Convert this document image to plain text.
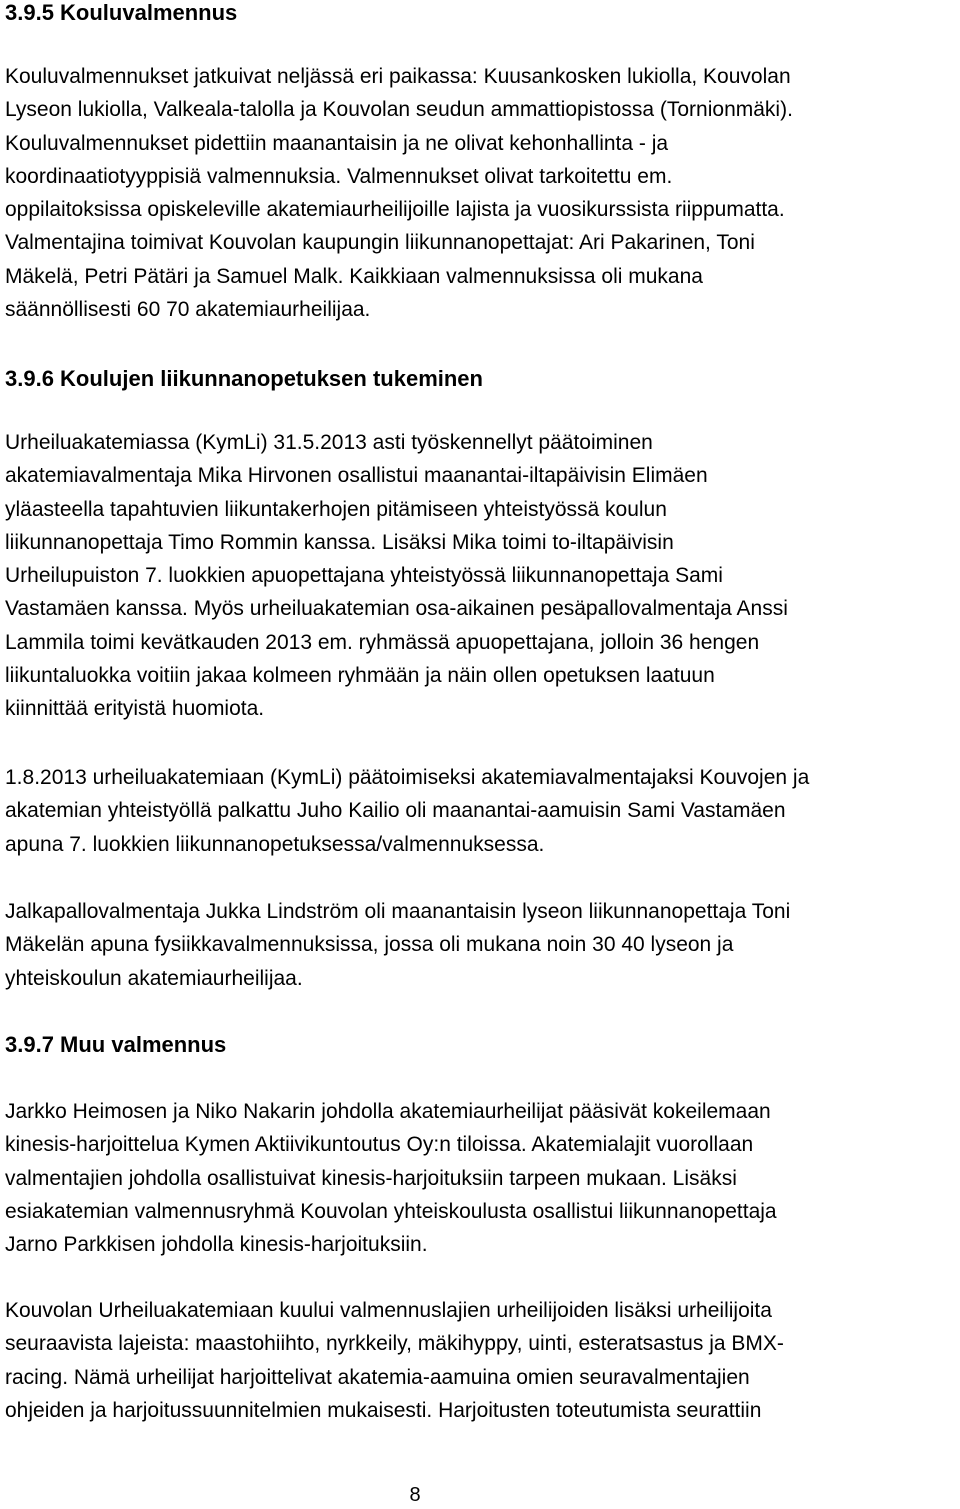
3.9.5 Kouluvalmennus

Kouluvalmennukset jatkuivat neljässä eri paikassa: Kuusankosken lukiolla, Kouvolan
Lyseon lukiolla, Valkeala-talolla ja Kouvolan seudun ammattiopistossa (Tornionmäki).
Kouluvalmennukset pidettiin maanantaisin ja ne olivat kehonhallinta - ja
koordinaatiotyyppisiä valmennuksia. Valmennukset olivat tarkoitettu em.
oppilaitoksissa opiskeleville akatemiaurheilijoille lajista ja vuosikurssista riippumatta.
Valmentajina toimivat Kouvolan kaupungin liikunnanopettajat: Ari Pakarinen, Toni
Mäkelä, Petri Pätäri ja Samuel Malk. Kaikkiaan valmennuksissa oli mukana
säännöllisesti 60 70 akatemiaurheilijaa.

3.9.6 Koulujen liikunnanopetuksen tukeminen

Urheiluakatemiassa (KymLi) 31.5.2013 asti työskennellyt päätoiminen
akatemiavalmentaja Mika Hirvonen osallistui maanantai-iltapäivisin Elimäen
yläasteella tapahtuvien liikuntakerhojen pitämiseen yhteistyössä koulun
liikunnanopettaja Timo Rommin kanssa. Lisäksi Mika toimi to-iltapäivisin
Urheilupuiston 7. luokkien apuopettajana yhteistyössä liikunnanopettaja Sami
Vastamäen kanssa. Myös urheiluakatemian osa-aikainen pesäpallovalmentaja Anssi
Lammila toimi kevätkauden 2013 em. ryhmässä apuopettajana, jolloin 36 hengen
liikuntaluokka voitiin jakaa kolmeen ryhmään ja näin ollen opetuksen laatuun
kiinnittää erityistä huomiota.

1.8.2013 urheiluakatemiaan (KymLi) päätoimiseksi akatemiavalmentajaksi Kouvojen ja
akatemian yhteistyöllä palkattu Juho Kailio oli maanantai-aamuisin Sami Vastamäen
apuna 7. luokkien liikunnanopetuksessa/valmennuksessa.

Jalkapallovalmentaja Jukka Lindström oli maanantaisin lyseon liikunnanopettaja Toni
Mäkelän apuna fysiikkavalmennuksissa, jossa oli mukana noin 30 40 lyseon ja
yhteiskoulun akatemiaurheilijaa.

3.9.7 Muu valmennus

Jarkko Heimosen ja Niko Nakarin johdolla akatemiaurheilijat pääsivät kokeilemaan
kinesis-harjoittelua Kymen Aktiivikuntoutus Oy:n tiloissa. Akatemialajit vuorollaan
valmentajien johdolla osallistuivat kinesis-harjoituksiin tarpeen mukaan. Lisäksi
esiakatemian valmennusryhmä Kouvolan yhteiskoulusta osallistui liikunnanopettaja
Jarno Parkkisen johdolla kinesis-harjoituksiin.

Kouvolan Urheiluakatemiaan kuului valmennuslajien urheilijoiden lisäksi urheilijoita
seuraavista lajeista: maastohiihto, nyrkkeily, mäkihyppy, uinti, esteratsastus ja BMX-
racing. Nämä urheilijat harjoittelivat akatemia-aamuina omien seuravalmentajien
ohjeiden ja harjoitussuunnitelmien mukaisesti. Harjoitusten toteutumista seurattiin

8
